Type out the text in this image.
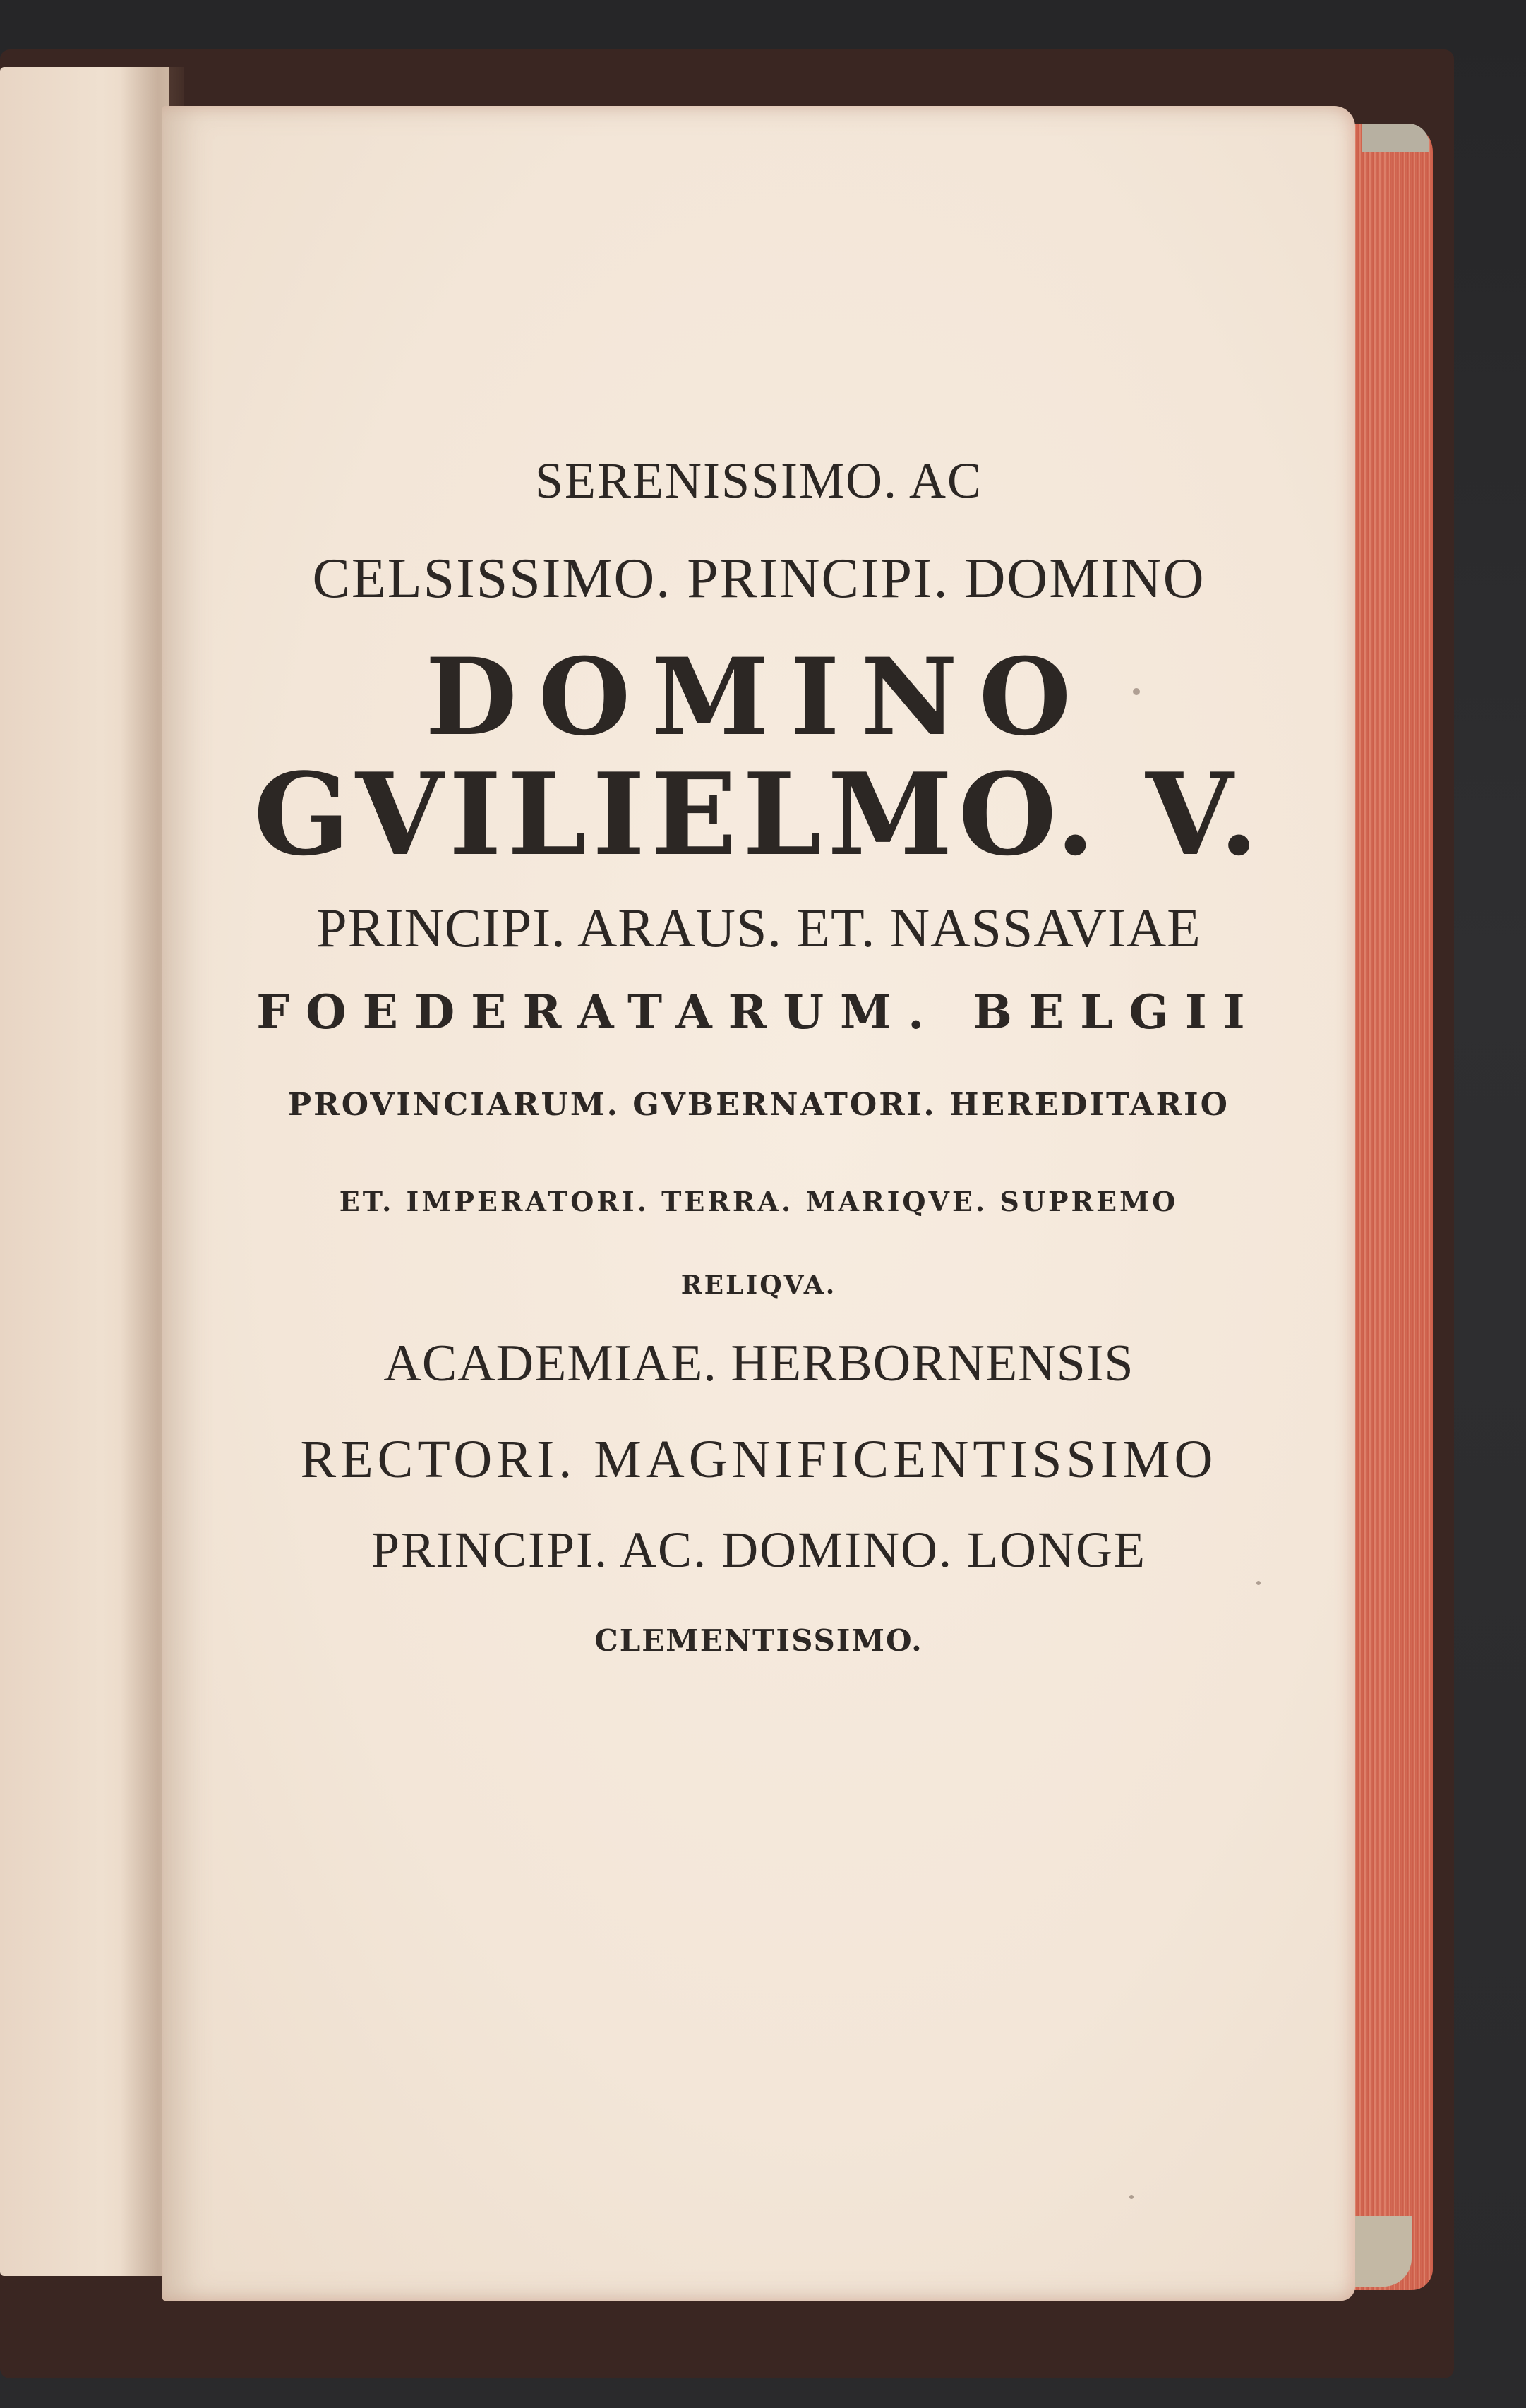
SERENISSIMO. AC
CELSISSIMO. PRINCIPI. DOMINO
DOMINO
GVILIELMO. V.
PRINCIPI. ARAUS. ET. NASSAVIAE
FOEDERATARUM. BELGII
PROVINCIARUM. GVBERNATORI. HEREDITARIO
ET. IMPERATORI. TERRA. MARIQVE. SUPREMO
RELIQVA.
ACADEMIAE. HERBORNENSIS
RECTORI. MAGNIFICENTISSIMO
PRINCIPI. AC. DOMINO. LONGE
CLEMENTISSIMO.
